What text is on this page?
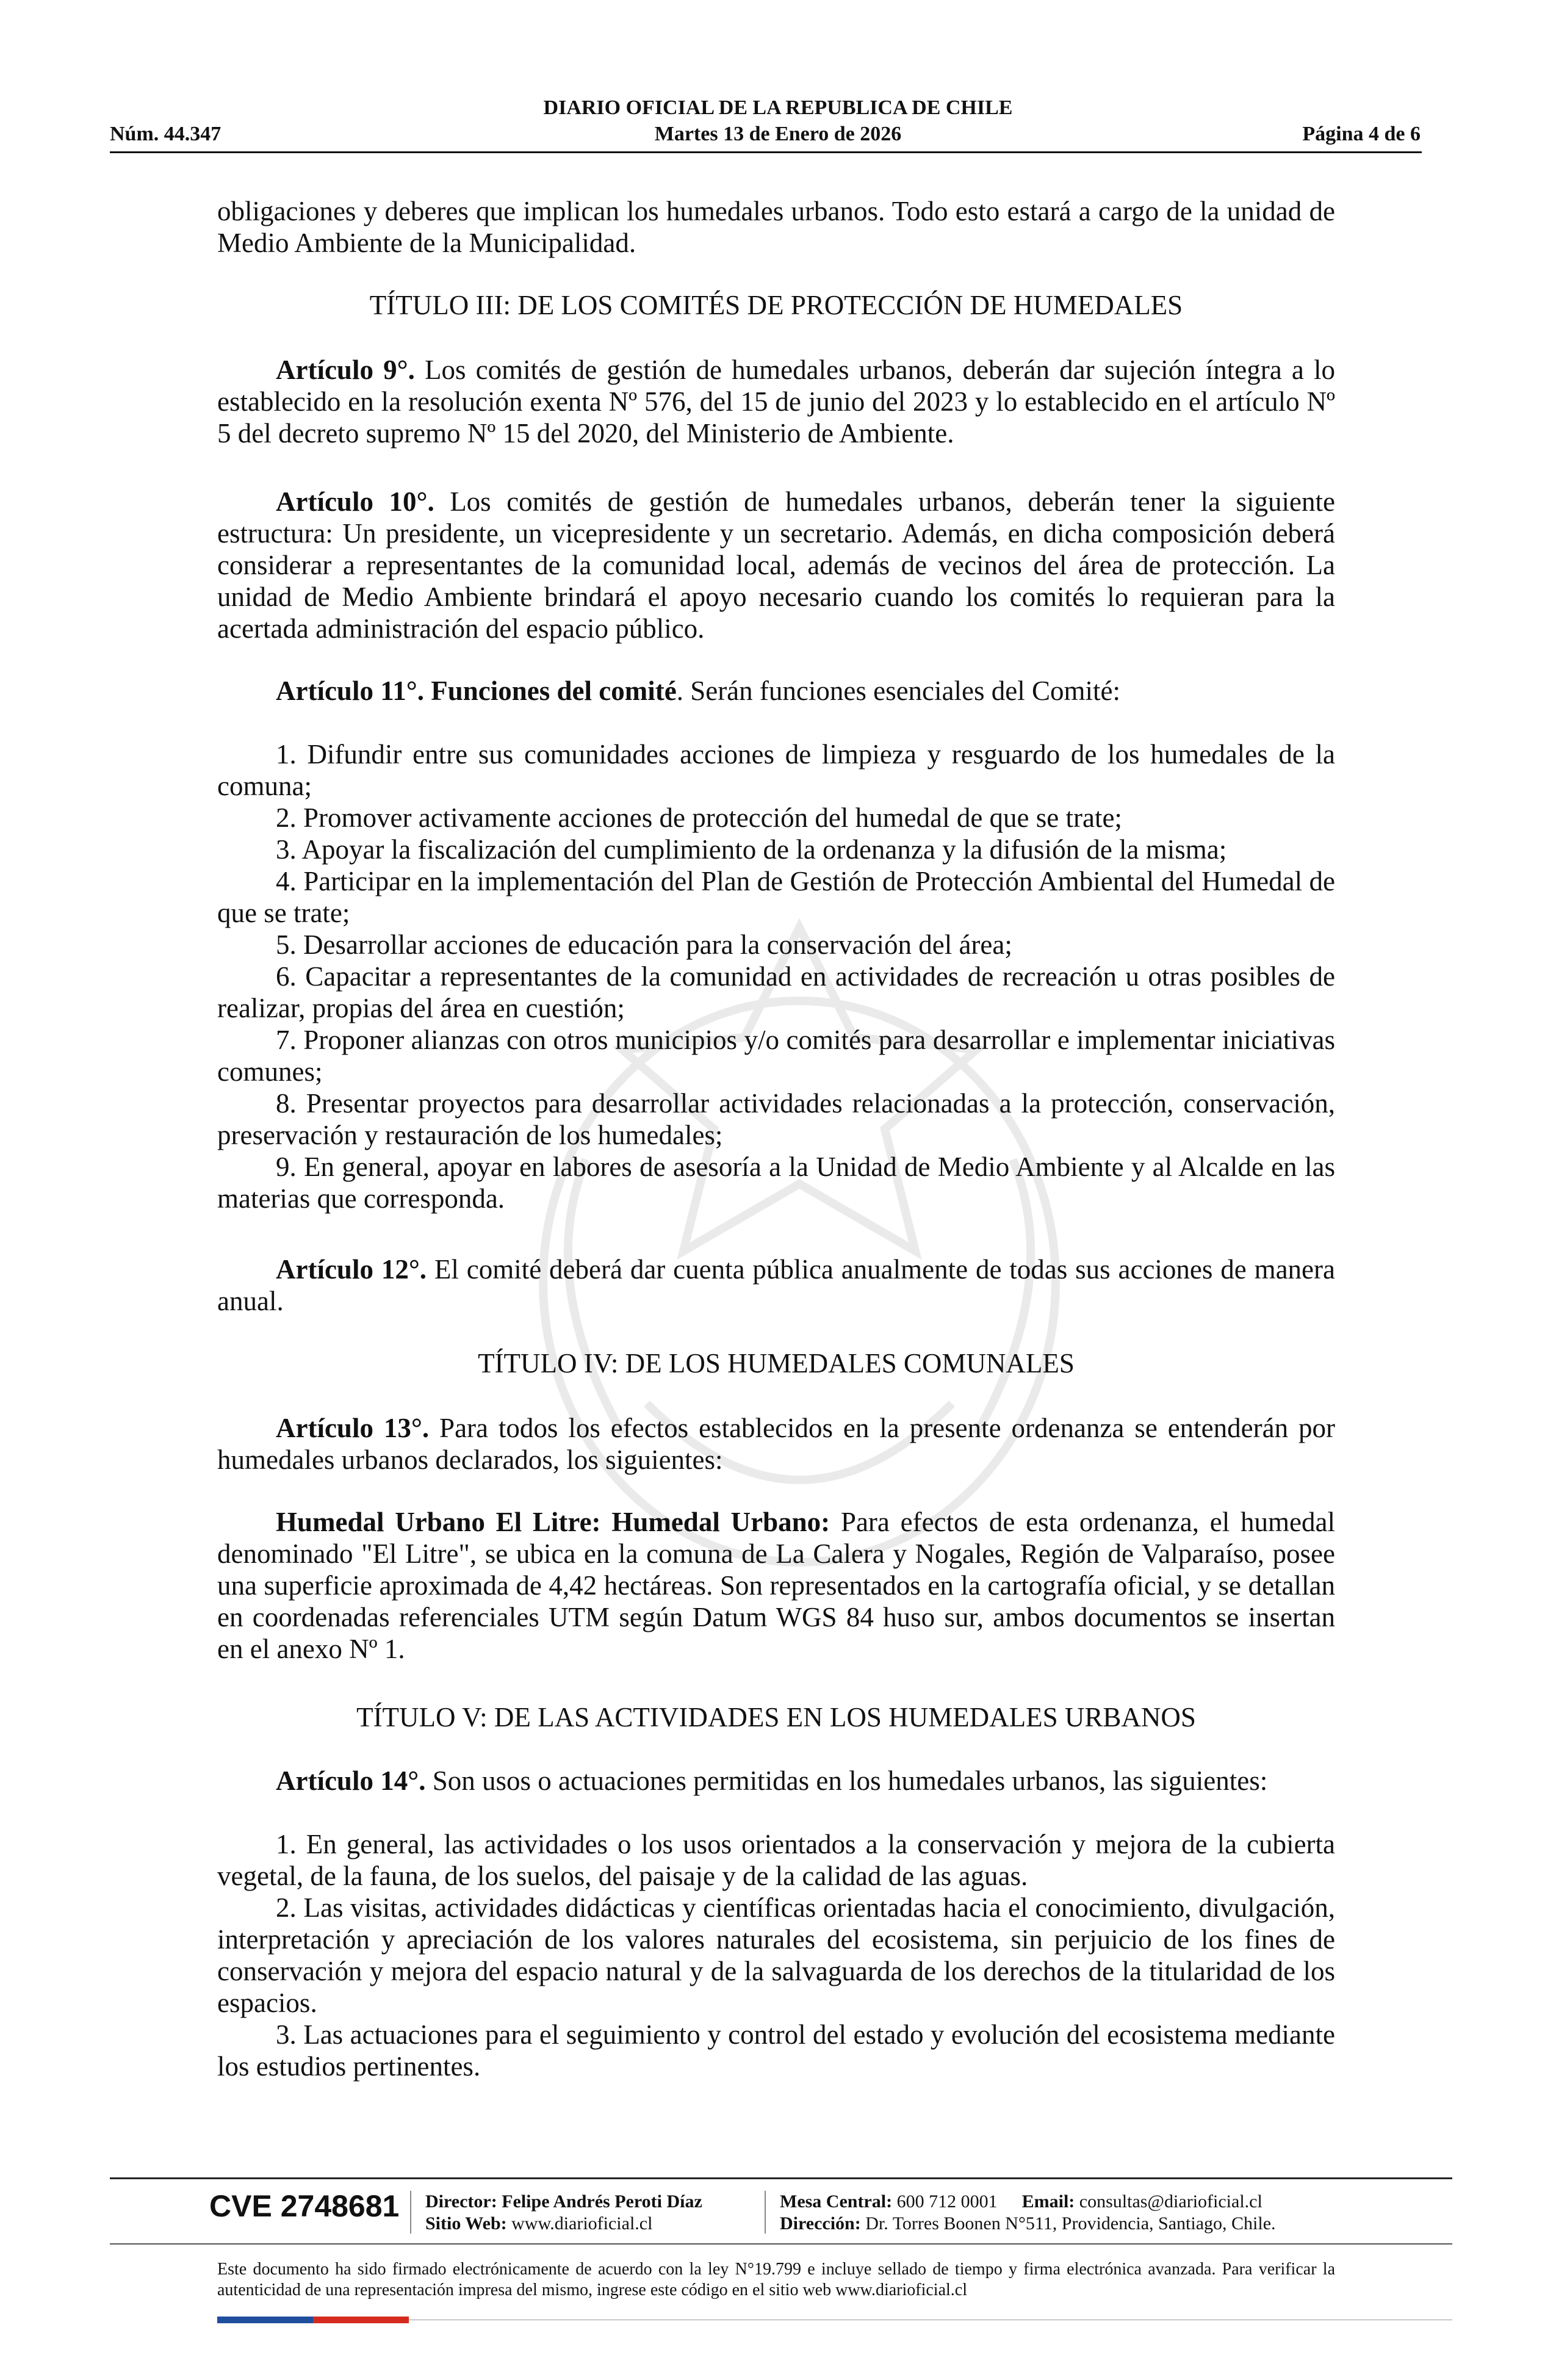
DIARIO OFICIAL DE LA REPUBLICA DE CHILE
Núm. 44.347	Martes 13 de Enero de 2026	Página 4 de 6
obligaciones y deberes que implican los humedales urbanos. Todo esto estará a cargo de la unidad de Medio Ambiente de la Municipalidad.
TÍTULO III: DE LOS COMITÉS DE PROTECCIÓN DE HUMEDALES
Artículo 9°. Los comités de gestión de humedales urbanos, deberán dar sujeción íntegra a lo establecido en la resolución exenta Nº 576, del 15 de junio del 2023 y lo establecido en el artículo Nº 5 del decreto supremo Nº 15 del 2020, del Ministerio de Ambiente.
Artículo 10°. Los comités de gestión de humedales urbanos, deberán tener la siguiente estructura: Un presidente, un vicepresidente y un secretario. Además, en dicha composición deberá considerar a representantes de la comunidad local, además de vecinos del área de protección. La unidad de Medio Ambiente brindará el apoyo necesario cuando los comités lo requieran para la acertada administración del espacio público.
Artículo 11°. Funciones del comité. Serán funciones esenciales del Comité:
1. Difundir entre sus comunidades acciones de limpieza y resguardo de los humedales de la comuna;
2. Promover activamente acciones de protección del humedal de que se trate;
3. Apoyar la fiscalización del cumplimiento de la ordenanza y la difusión de la misma;
4. Participar en la implementación del Plan de Gestión de Protección Ambiental del Humedal de que se trate;
5. Desarrollar acciones de educación para la conservación del área;
6. Capacitar a representantes de la comunidad en actividades de recreación u otras posibles de realizar, propias del área en cuestión;
7. Proponer alianzas con otros municipios y/o comités para desarrollar e implementar iniciativas comunes;
8. Presentar proyectos para desarrollar actividades relacionadas a la protección, conservación, preservación y restauración de los humedales;
9. En general, apoyar en labores de asesoría a la Unidad de Medio Ambiente y al Alcalde en las materias que corresponda.
Artículo 12°. El comité deberá dar cuenta pública anualmente de todas sus acciones de manera anual.
TÍTULO IV: DE LOS HUMEDALES COMUNALES
Artículo 13°. Para todos los efectos establecidos en la presente ordenanza se entenderán por humedales urbanos declarados, los siguientes:
Humedal Urbano El Litre: Humedal Urbano: Para efectos de esta ordenanza, el humedal denominado "El Litre", se ubica en la comuna de La Calera y Nogales, Región de Valparaíso, posee una superficie aproximada de 4,42 hectáreas. Son representados en la cartografía oficial, y se detallan en coordenadas referenciales UTM según Datum WGS 84 huso sur, ambos documentos se insertan en el anexo Nº 1.
TÍTULO V: DE LAS ACTIVIDADES EN LOS HUMEDALES URBANOS
Artículo 14°. Son usos o actuaciones permitidas en los humedales urbanos, las siguientes:
1. En general, las actividades o los usos orientados a la conservación y mejora de la cubierta vegetal, de la fauna, de los suelos, del paisaje y de la calidad de las aguas.
2. Las visitas, actividades didácticas y científicas orientadas hacia el conocimiento, divulgación, interpretación y apreciación de los valores naturales del ecosistema, sin perjuicio de los fines de conservación y mejora del espacio natural y de la salvaguarda de los derechos de la titularidad de los espacios.
3. Las actuaciones para el seguimiento y control del estado y evolución del ecosistema mediante los estudios pertinentes.
CVE 2748681 Director: Felipe Andrés Peroti Díaz
Sitio Web: www.diarioficial.cl
Mesa Central: 600 712 0001 Email: consultas@diarioficial.cl
Dirección: Dr. Torres Boonen N°511, Providencia, Santiago, Chile.
Este documento ha sido firmado electrónicamente de acuerdo con la ley N°19.799 e incluye sellado de tiempo y firma electrónica avanzada. Para verificar la autenticidad de una representación impresa del mismo, ingrese este código en el sitio web www.diarioficial.cl
